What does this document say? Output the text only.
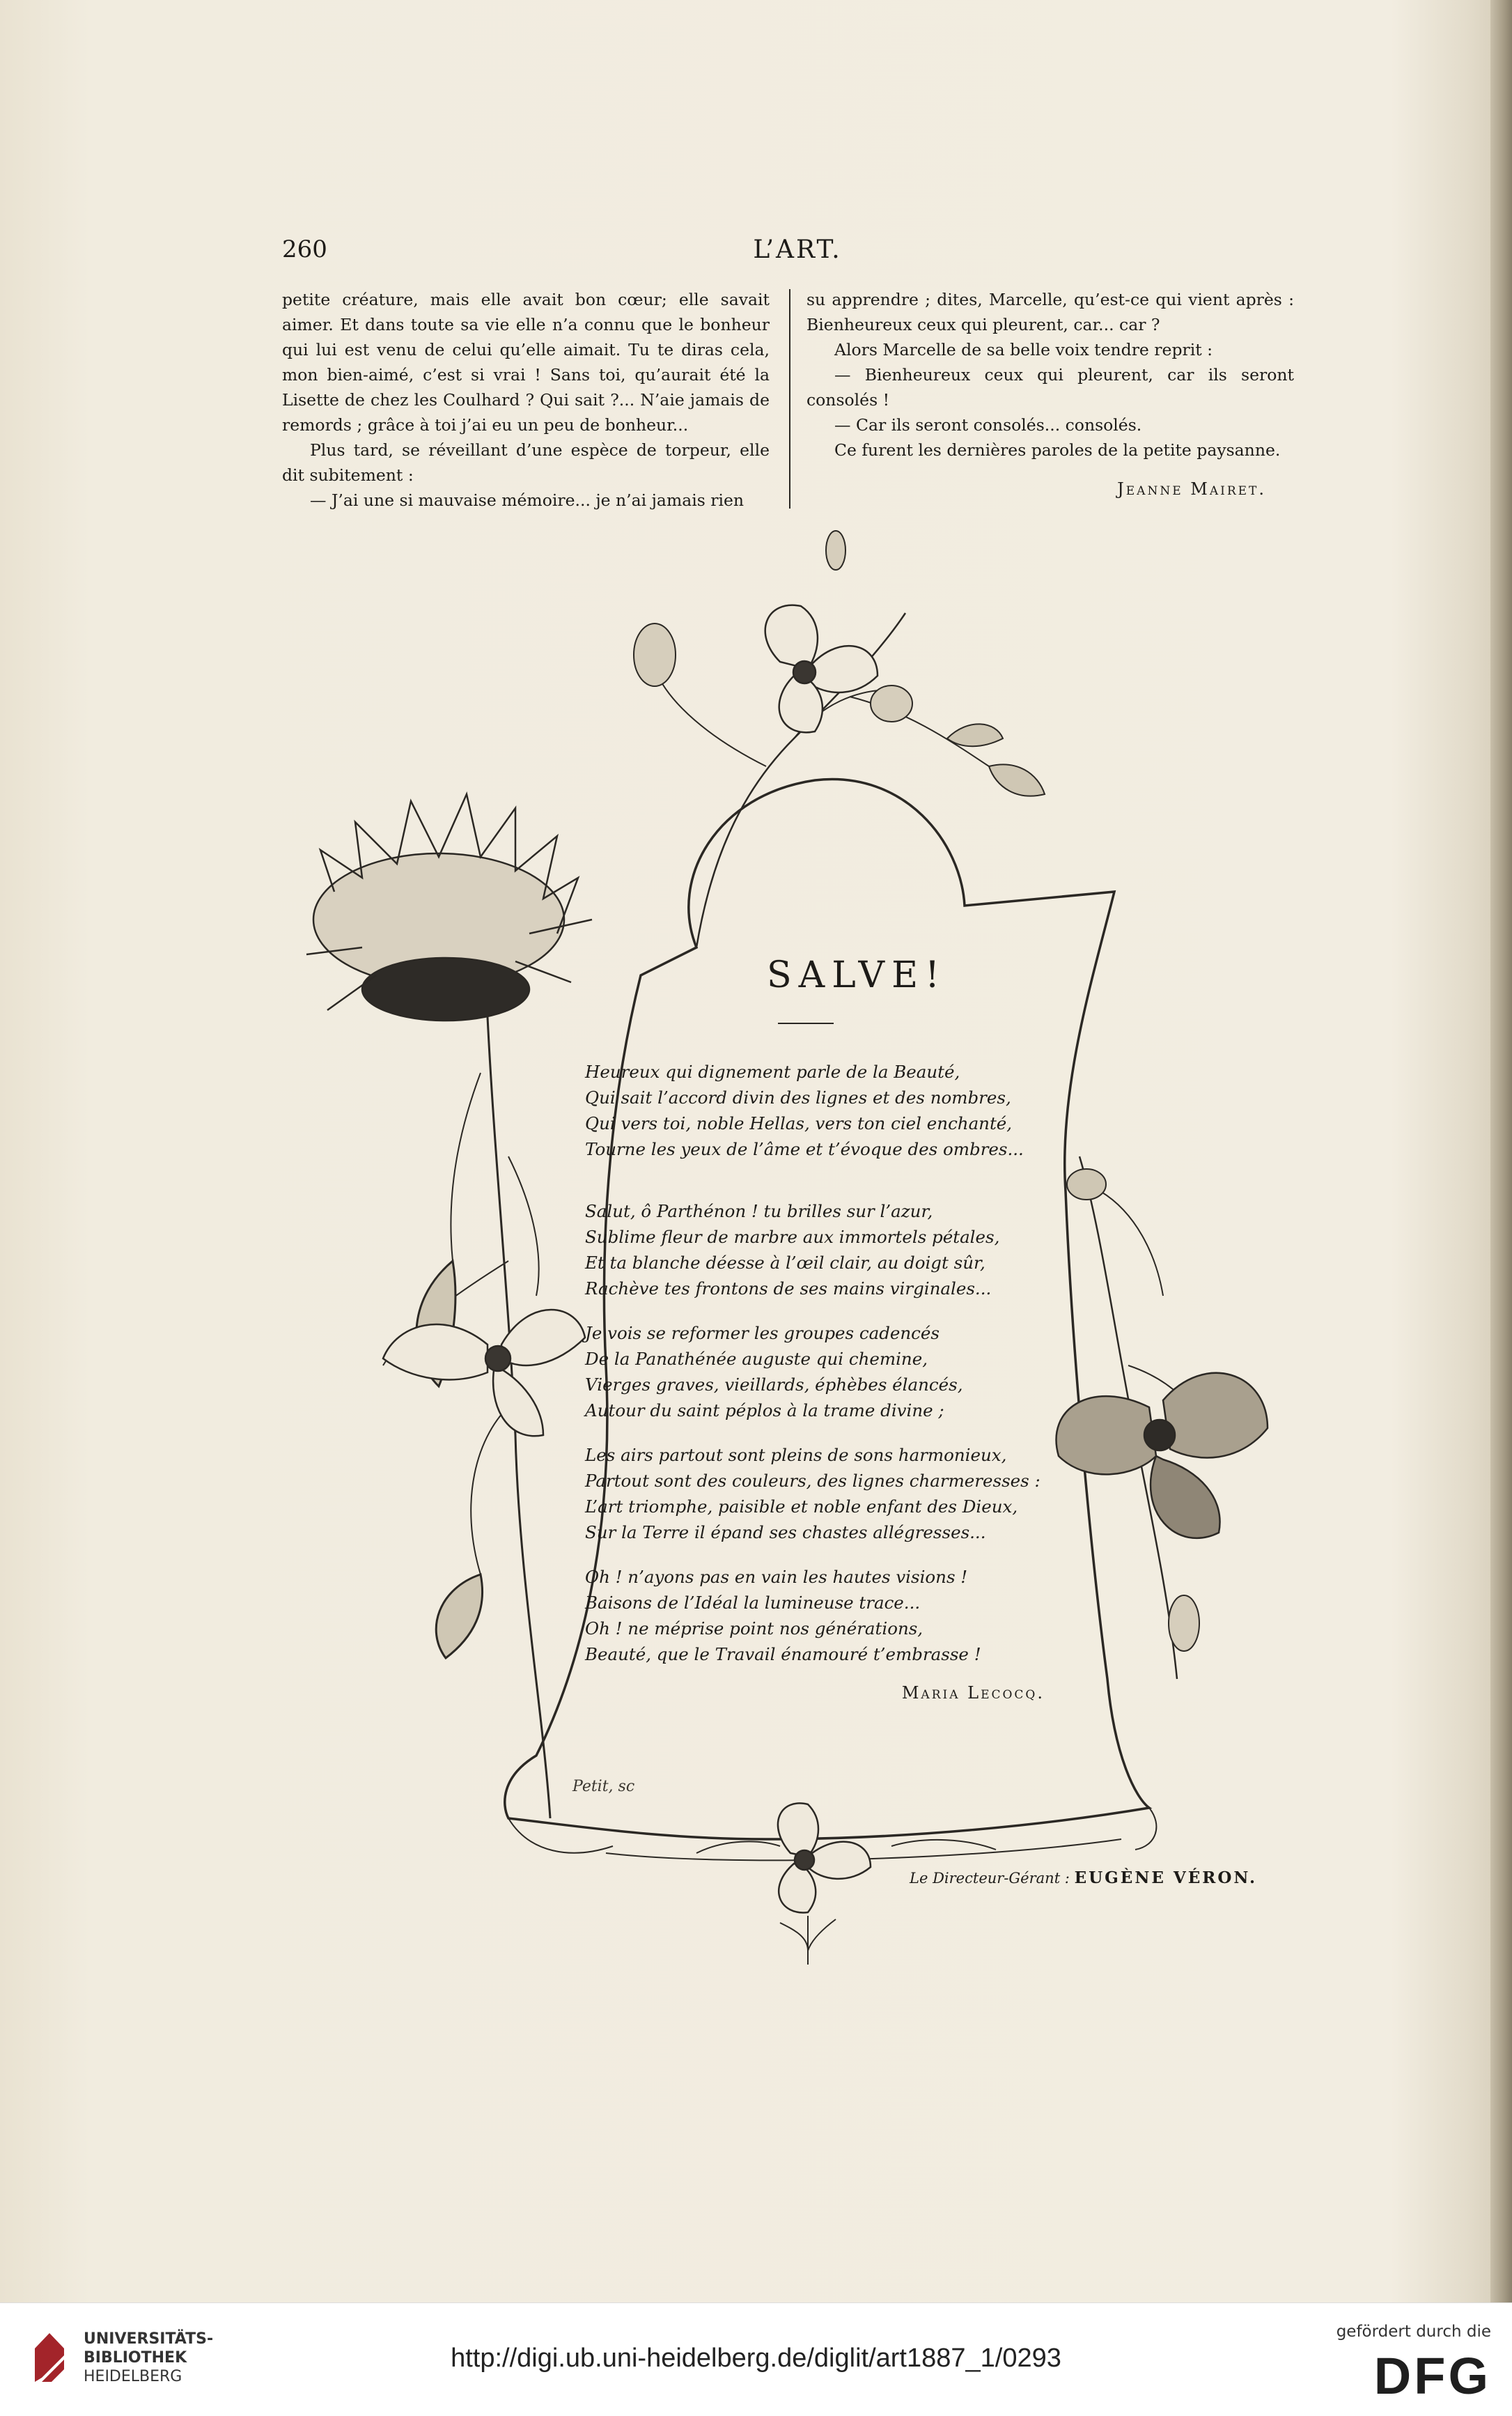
260	L’ART.

petite créature, mais elle avait bon cœur; elle savait aimer. Et dans toute sa vie elle n’a connu que le bonheur qui lui est venu de celui qu’elle aimait. Tu te diras cela, mon bien-aimé, c’est si vrai ! Sans toi, qu’aurait été la Lisette de chez les Coulhard ? Qui sait ?... N’aie jamais de remords ; grâce à toi j’ai eu un peu de bonheur...

Plus tard, se réveillant d’une espèce de torpeur, elle dit subitement :

— J’ai une si mauvaise mémoire... je n’ai jamais rien

su apprendre ; dites, Marcelle, qu’est-ce qui vient après : Bienheureux ceux qui pleurent, car... car ?

Alors Marcelle de sa belle voix tendre reprit :

— Bienheureux ceux qui pleurent, car ils seront consolés !

— Car ils seront consolés... consolés.

Ce furent les dernières paroles de la petite paysanne.

Jeanne Mairet.

SALVE!
Heureux qui dignement parle de la Beauté,
Qui sait l’accord divin des lignes et des nombres,
Qui vers toi, noble Hellas, vers ton ciel enchanté,
Tourne les yeux de l’âme et t’évoque des ombres...
Salut, ô Parthénon ! tu brilles sur l’azur,
Sublime fleur de marbre aux immortels pétales,
Et ta blanche déesse à l’œil clair, au doigt sûr,
Rachève tes frontons de ses mains virginales...
Je vois se reformer les groupes cadencés
De la Panathénée auguste qui chemine,
Vierges graves, vieillards, éphèbes élancés,
Autour du saint péplos à la trame divine ;
Les airs partout sont pleins de sons harmonieux,
Partout sont des couleurs, des lignes charmeresses :
L’art triomphe, paisible et noble enfant des Dieux,
Sur la Terre il épand ses chastes allégresses...
Oh ! n’ayons pas en vain les hautes visions !
Baisons de l’Idéal la lumineuse trace...
Oh ! ne méprise point nos générations,
Beauté, que le Travail énamouré t’embrasse !
Maria Lecocq.
Petit, sc
Le Directeur-Gérant : EUGÈNE VÉRON.
UNIVERSITÄTS-
BIBLIOTHEK
HEIDELBERG
http://digi.ub.uni-heidelberg.de/diglit/art1887_1/0293
gefördert durch die
DFG
